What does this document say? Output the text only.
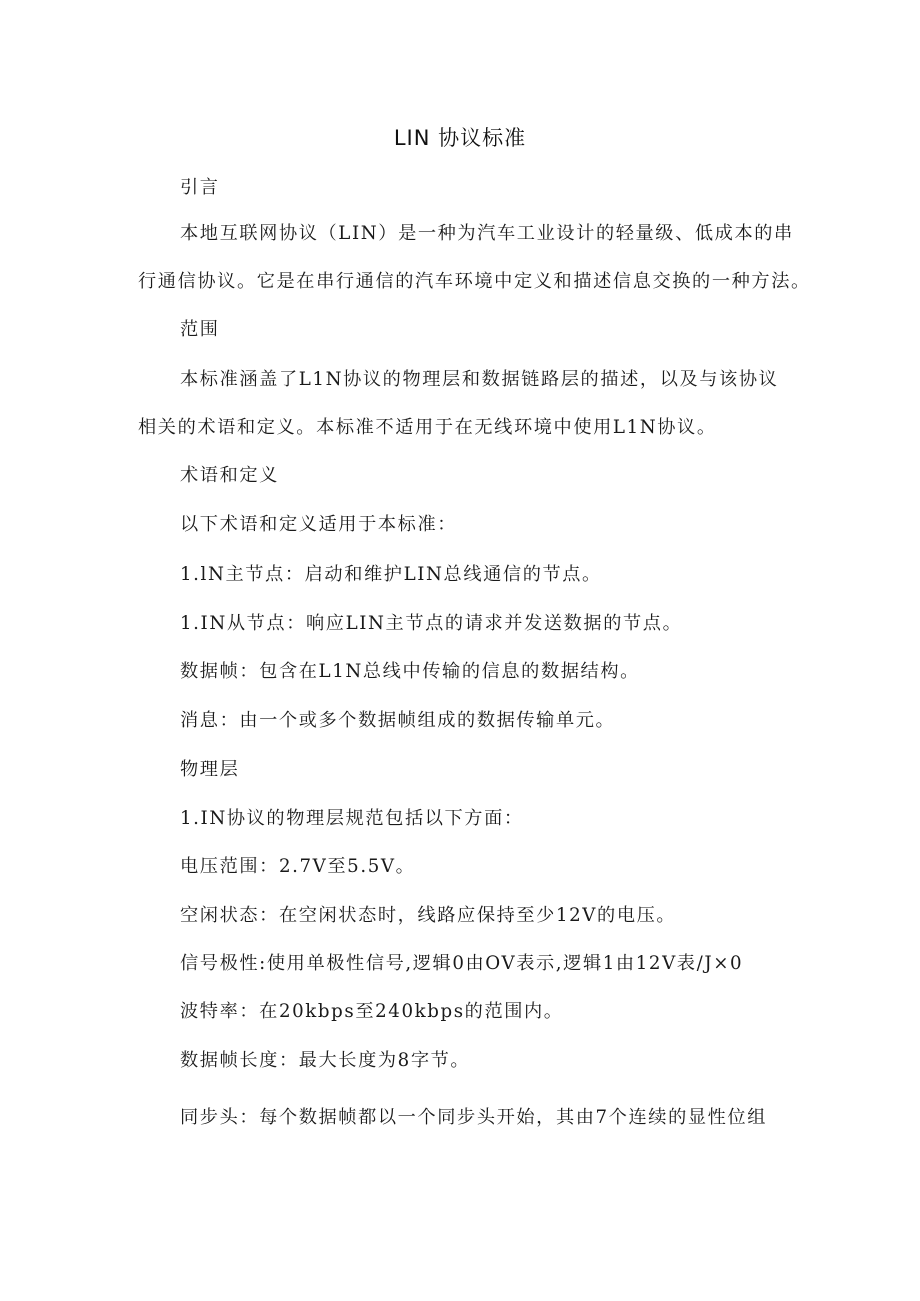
LIN 协议标准
引言
本地互联网协议（LIN）是一种为汽车工业设计的轻量级、低成本的串
行通信协议。它是在串行通信的汽车环境中定义和描述信息交换的一种方法。
范围
本标准涵盖了L1N协议的物理层和数据链路层的描述，以及与该协议
相关的术语和定义。本标准不适用于在无线环境中使用L1N协议。
术语和定义
以下术语和定义适用于本标准：
1.lN主节点：启动和维护LIN总线通信的节点。
1.IN从节点：响应LIN主节点的请求并发送数据的节点。
数据帧：包含在L1N总线中传输的信息的数据结构。
消息：由一个或多个数据帧组成的数据传输单元。
物理层
1.IN协议的物理层规范包括以下方面：
电压范围：2.7V至5.5V。
空闲状态：在空闲状态时，线路应保持至少12V的电压。
信号极性:使用单极性信号,逻辑0由OV表示,逻辑1由12V表/J×0
波特率：在20kbps至240kbps的范围内。
数据帧长度：最大长度为8字节。
同步头：每个数据帧都以一个同步头开始，其由7个连续的显性位组
